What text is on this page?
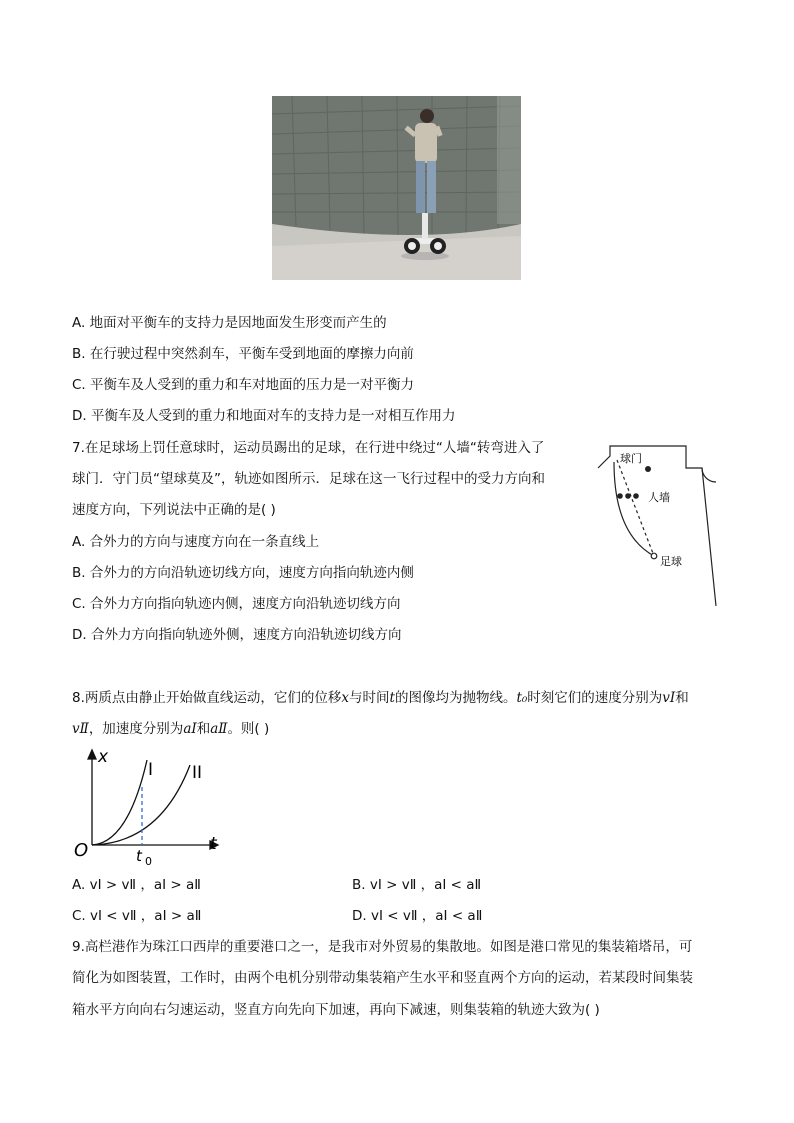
A. 地面对平衡车的支持力是因地面发生形变而产生的
B. 在行驶过程中突然刹车，平衡车受到地面的摩擦力向前
C. 平衡车及人受到的重力和车对地面的压力是一对平衡力
D. 平衡车及人受到的重力和地面对车的支持力是一对相互作用力
7.在足球场上罚任意球时，运动员踢出的足球，在行进中绕过“人墙“转弯进入了
球门．守门员“望球莫及”，轨迹如图所示．足球在这一飞行过程中的受力方向和
速度方向，下列说法中正确的是( )
A. 合外力的方向与速度方向在一条直线上
B. 合外力的方向沿轨迹切线方向，速度方向指向轨迹内侧
C. 合外力方向指向轨迹内侧，速度方向沿轨迹切线方向
D. 合外力方向指向轨迹外侧，速度方向沿轨迹切线方向
球门
人墙
足球
8.两质点由静止开始做直线运动，它们的位移x与时间t的图像均为抛物线。t₀时刻它们的速度分别为vⅠ和
vⅡ，加速度分别为aⅠ和aⅡ。则( )
x
t
O	t 0
I II
A. vⅠ > vⅡ ，aⅠ > aⅡ	B. vⅠ > vⅡ ，aⅠ < aⅡ
C. vⅠ < vⅡ ，aⅠ > aⅡ	D. vⅠ < vⅡ ，aⅠ < aⅡ
9.高栏港作为珠江口西岸的重要港口之一，是我市对外贸易的集散地。如图是港口常见的集装箱塔吊，可
简化为如图装置，工作时，由两个电机分别带动集装箱产生水平和竖直两个方向的运动，若某段时间集装
箱水平方向向右匀速运动，竖直方向先向下加速，再向下减速，则集装箱的轨迹大致为( )
